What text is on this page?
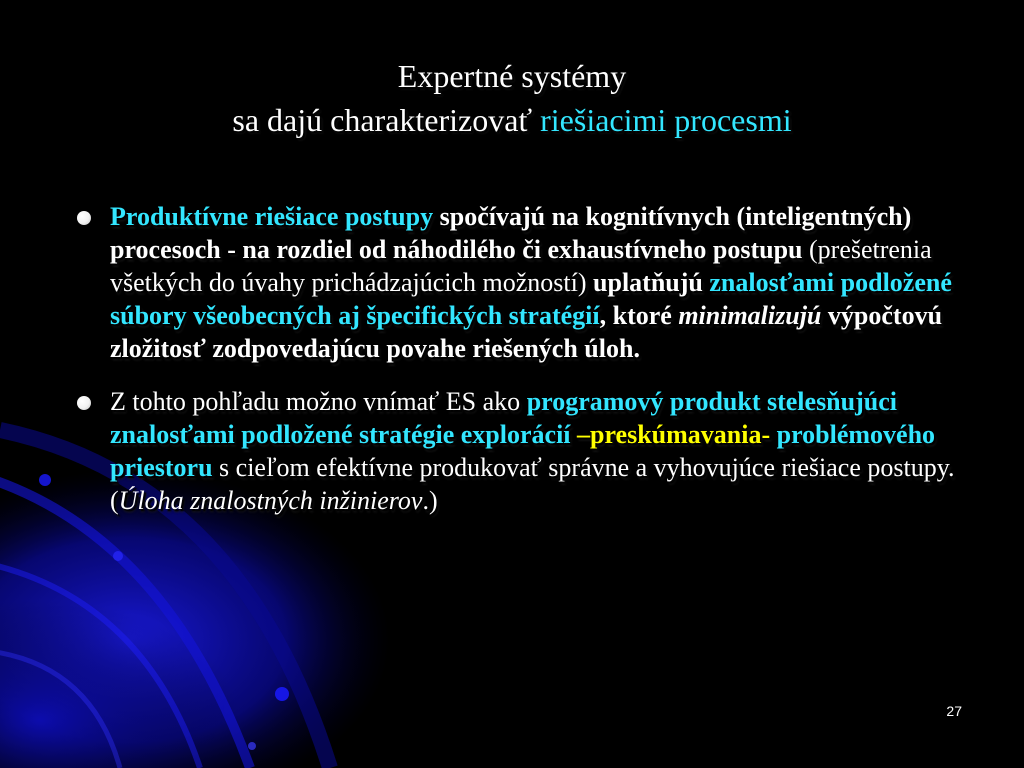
Expertné systémy
sa dajú charakterizovať riešiacimi procesmi
Produktívne riešiace postupy spočívajú na kognitívnych (inteligentných) procesoch - na rozdiel od náhodilého či exhaustívneho postupu (prešetrenia všetkých do úvahy prichádzajúcich možností) uplatňujú znalosťami podložené súbory všeobecných aj špecifických stratégií, ktoré minimalizujú výpočtovú zložitosť zodpovedajúcu povahe riešených úloh.
Z tohto pohľadu možno vnímať ES ako programový produkt stelesňujúci znalosťami podložené stratégie explorácií –preskúmavania- problémového priestoru s cieľom efektívne produkovať správne a vyhovujúce riešiace postupy. (Úloha znalostných inžinierov.)
27
